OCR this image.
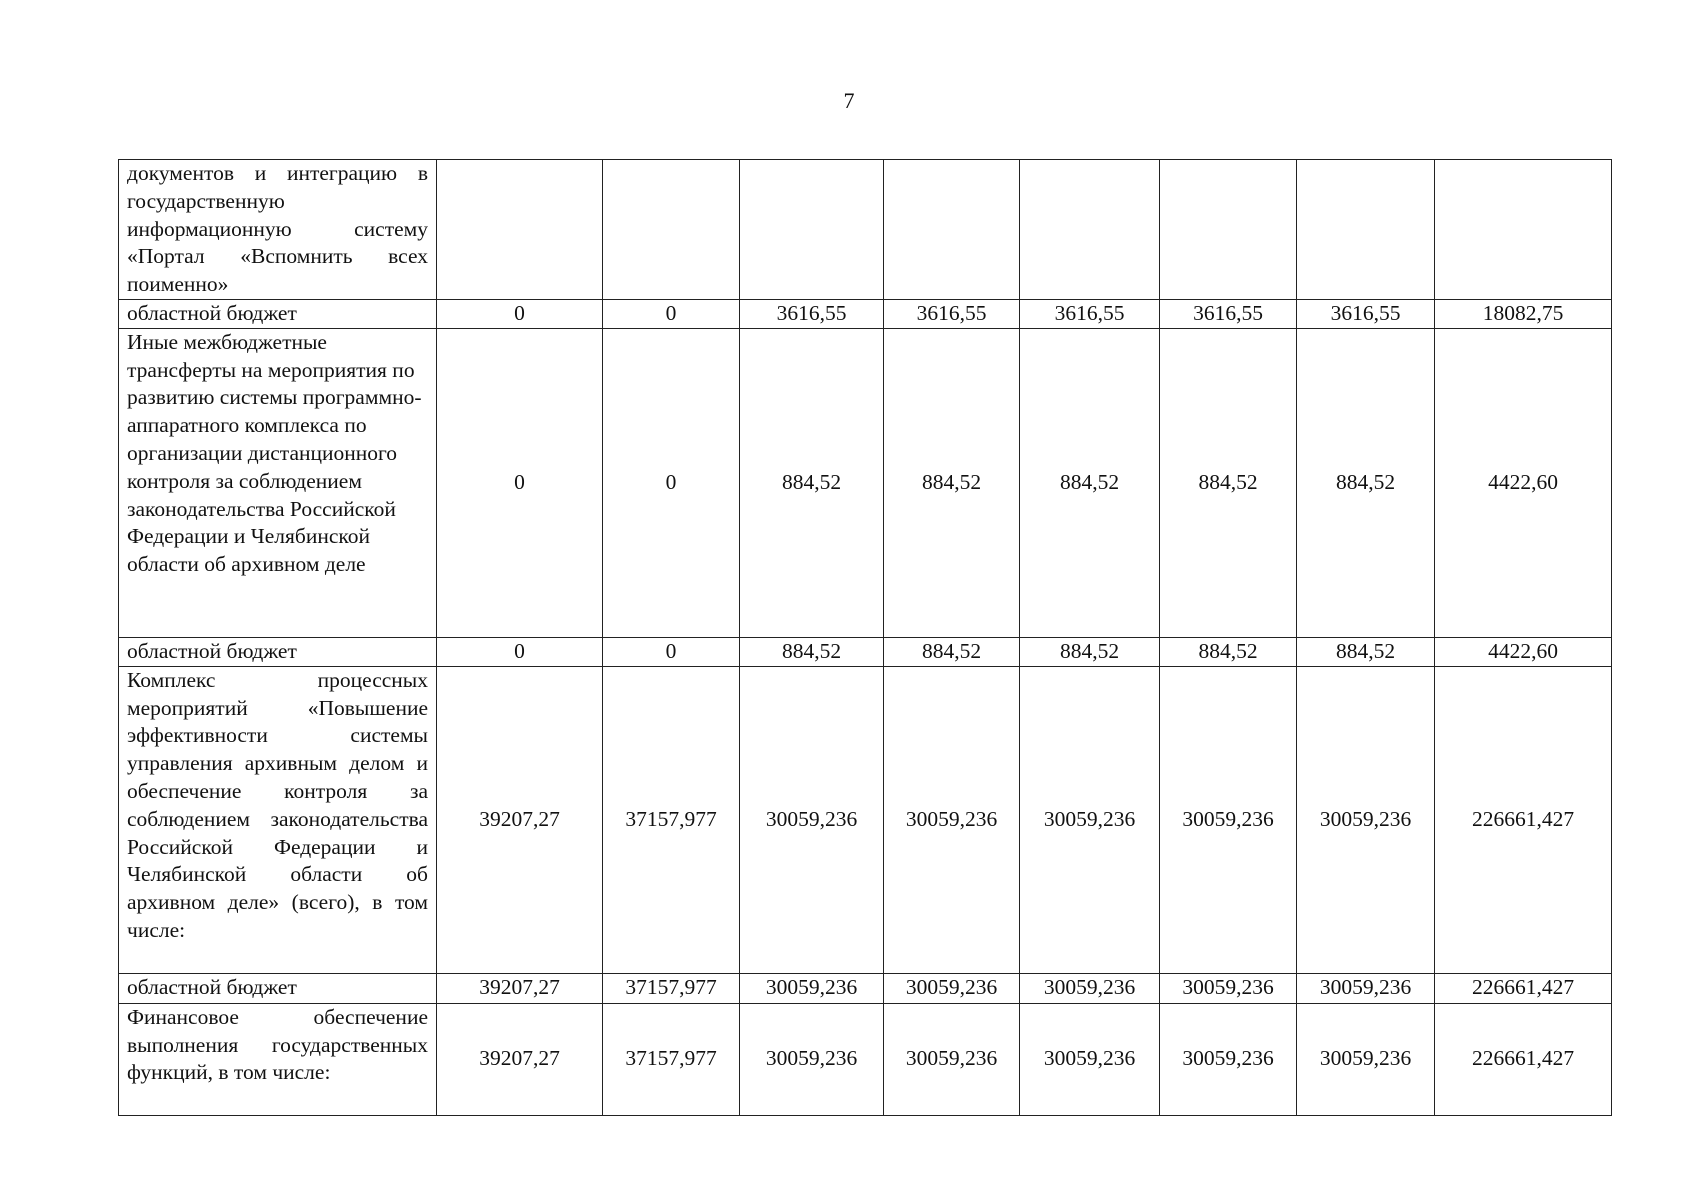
7
документов и интеграцию в государственную информационную систему «Портал «Вспомнить всех поименно»								
областной бюджет	0	0	3616,55	3616,55	3616,55	3616,55	3616,55	18082,75
Иные межбюджетные трансферты на мероприятия по развитию системы программно-аппаратного комплекса по организации дистанционного контроля за соблюдением законодательства Российской Федерации и Челябинской области об архивном деле	0	0	884,52	884,52	884,52	884,52	884,52	4422,60
областной бюджет	0	0	884,52	884,52	884,52	884,52	884,52	4422,60
Комплекс процессных мероприятий «Повышение эффективности системы управления архивным делом и обеспечение контроля за соблюдением законодательства Российской Федерации и Челябинской области об архивном деле» (всего), в том числе:	39207,27	37157,977	30059,236	30059,236	30059,236	30059,236	30059,236	226661,427
областной бюджет	39207,27	37157,977	30059,236	30059,236	30059,236	30059,236	30059,236	226661,427
Финансовое обеспечение выполнения государственных функций, в том числе:	39207,27	37157,977	30059,236	30059,236	30059,236	30059,236	30059,236	226661,427
